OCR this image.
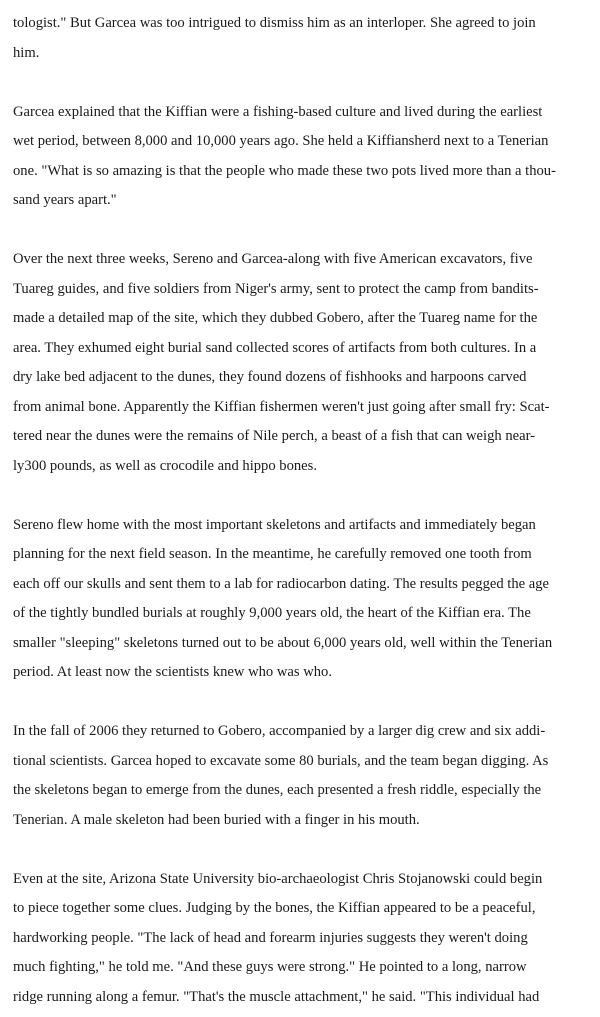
tologist." But Garcea was too intrigued to dismiss him as an interloper. She agreed to join
him.
Garcea explained that the Kiffian were a fishing-based culture and lived during the earliest
wet period, between 8,000 and 10,000 years ago. She held a Kiffiansherd next to a Tenerian
one. "What is so amazing is that the people who made these two pots lived more than a thou-
sand years apart."
Over the next three weeks, Sereno and Garcea-along with five American excavators, five
Tuareg guides, and five soldiers from Niger's army, sent to protect the camp from bandits-
made a detailed map of the site, which they dubbed Gobero, after the Tuareg name for the
area. They exhumed eight burial sand collected scores of artifacts from both cultures. In a
dry lake bed adjacent to the dunes, they found dozens of fishhooks and harpoons carved
from animal bone. Apparently the Kiffian fishermen weren't just going after small fry: Scat-
tered near the dunes were the remains of Nile perch, a beast of a fish that can weigh near-
ly300 pounds, as well as crocodile and hippo bones.
Sereno flew home with the most important skeletons and artifacts and immediately began
planning for the next field season. In the meantime, he carefully removed one tooth from
each off our skulls and sent them to a lab for radiocarbon dating. The results pegged the age
of the tightly bundled burials at roughly 9,000 years old, the heart of the Kiffian era. The
smaller "sleeping" skeletons turned out to be about 6,000 years old, well within the Tenerian
period. At least now the scientists knew who was who.
In the fall of 2006 they returned to Gobero, accompanied by a larger dig crew and six addi-
tional scientists. Garcea hoped to excavate some 80 burials, and the team began digging. As
the skeletons began to emerge from the dunes, each presented a fresh riddle, especially the
Tenerian. A male skeleton had been buried with a finger in his mouth.
Even at the site, Arizona State University bio-archaeologist Chris Stojanowski could begin
to piece together some clues. Judging by the bones, the Kiffian appeared to be a peaceful,
hardworking people. "The lack of head and forearm injuries suggests they weren't doing
much fighting," he told me. "And these guys were strong." He pointed to a long, narrow
ridge running along a femur. "That's the muscle attachment," he said. "This individual had
